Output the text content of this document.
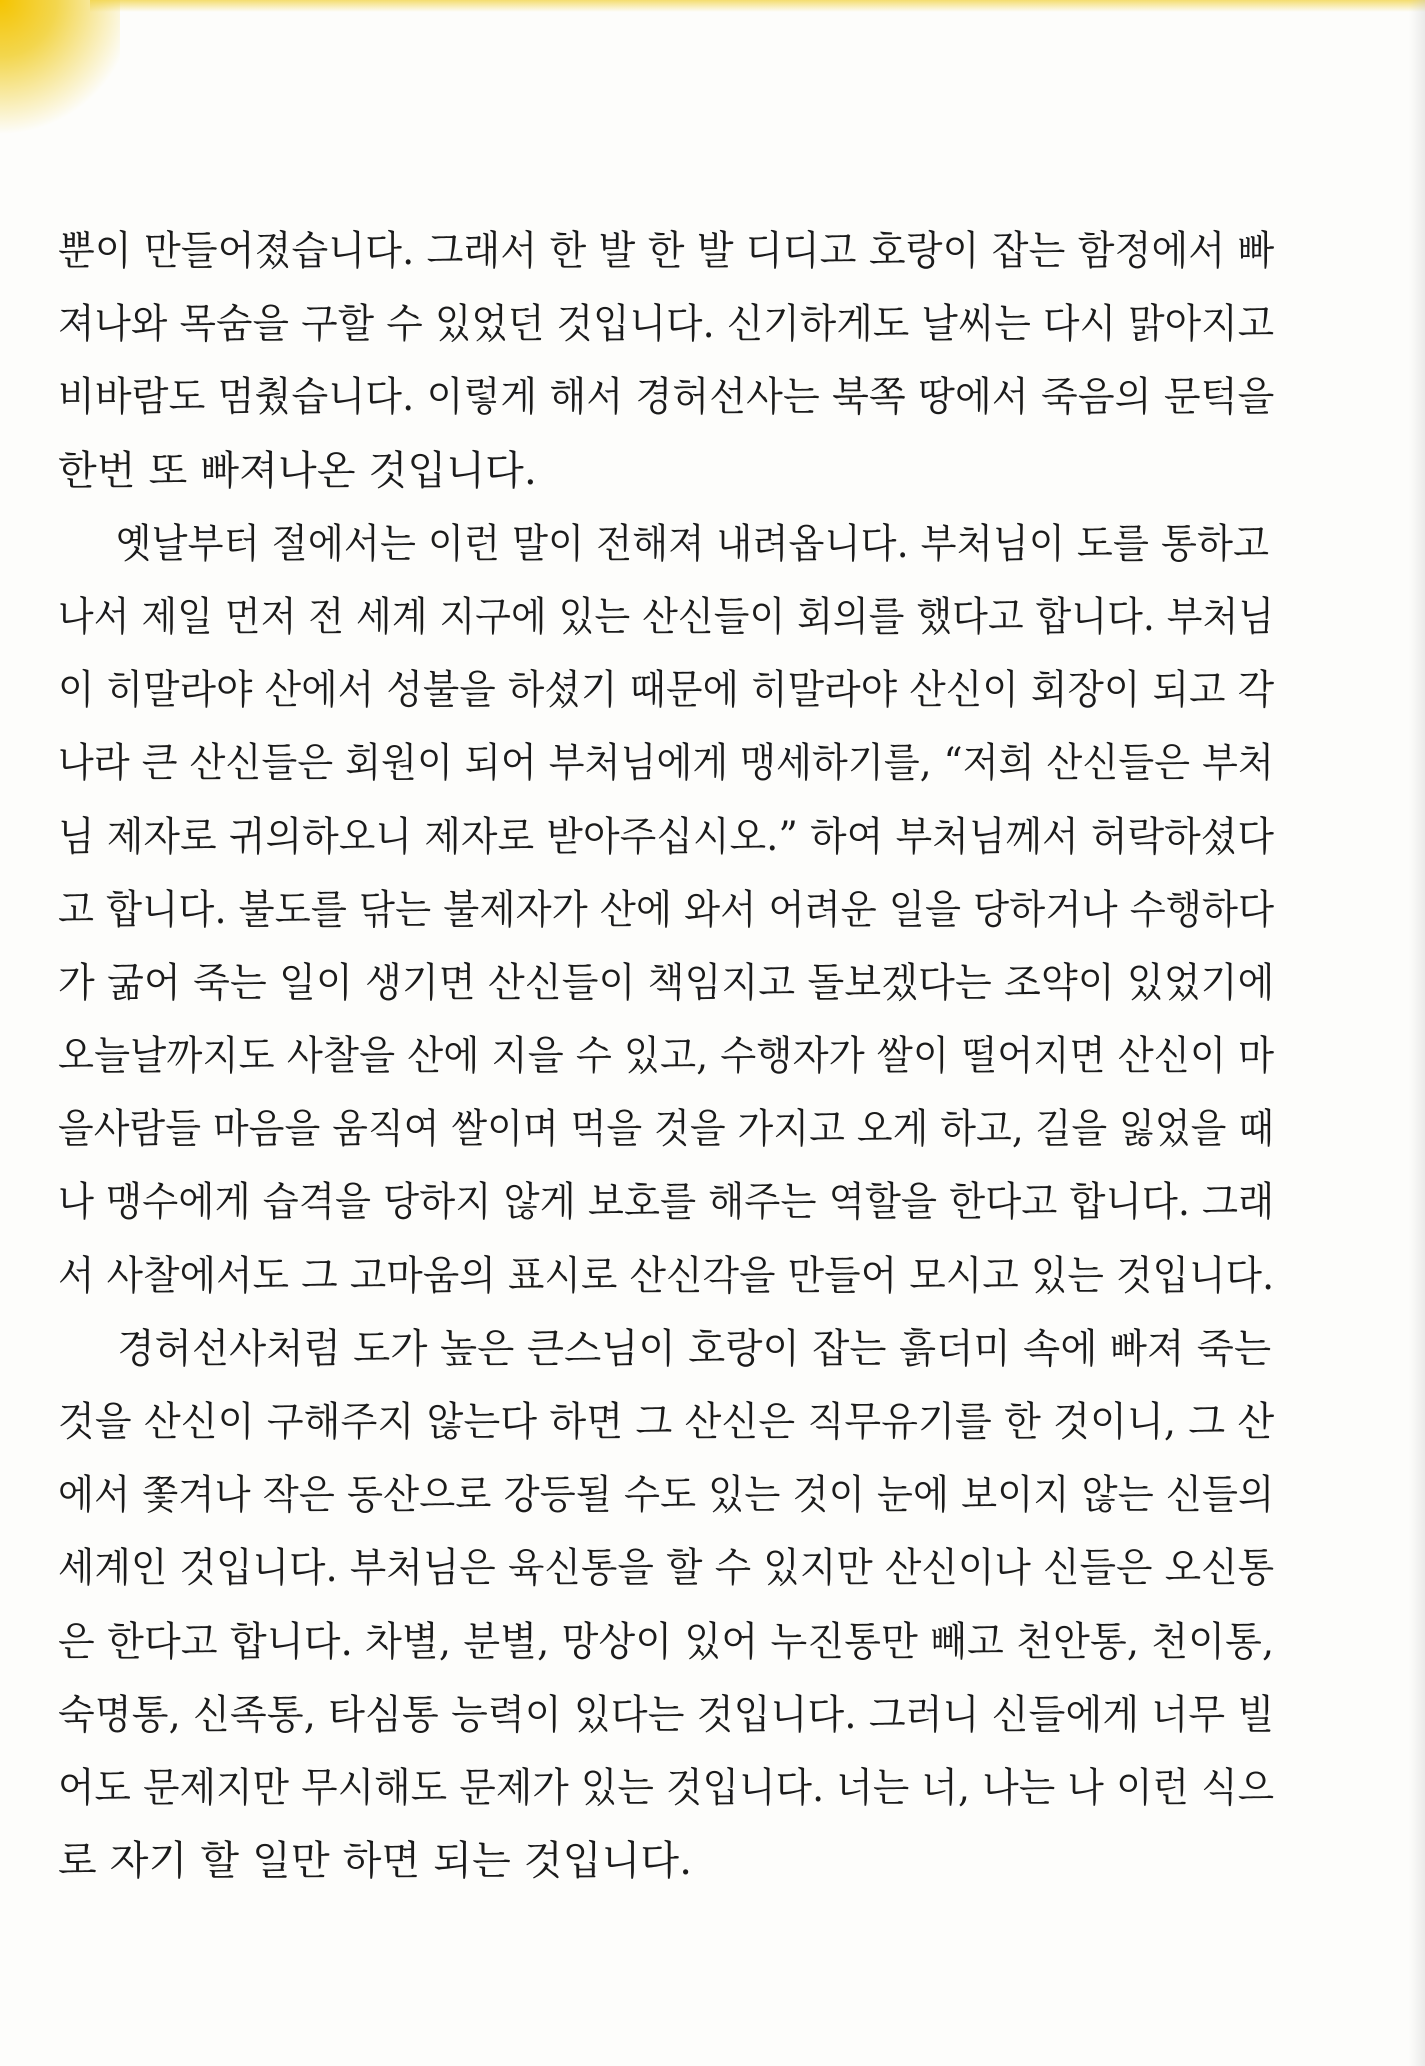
뿐이 만들어졌습니다. 그래서 한 발 한 발 디디고 호랑이 잡는 함정에서 빠
져나와 목숨을 구할 수 있었던 것입니다. 신기하게도 날씨는 다시 맑아지고
비바람도 멈췄습니다. 이렇게 해서 경허선사는 북쪽 땅에서 죽음의 문턱을
한번 또 빠져나온 것입니다.
옛날부터 절에서는 이런 말이 전해져 내려옵니다. 부처님이 도를 통하고
나서 제일 먼저 전 세계 지구에 있는 산신들이 회의를 했다고 합니다. 부처님
이 히말라야 산에서 성불을 하셨기 때문에 히말라야 산신이 회장이 되고 각
나라 큰 산신들은 회원이 되어 부처님에게 맹세하기를, “저희 산신들은 부처
님 제자로 귀의하오니 제자로 받아주십시오.” 하여 부처님께서 허락하셨다
고 합니다. 불도를 닦는 불제자가 산에 와서 어려운 일을 당하거나 수행하다
가 굶어 죽는 일이 생기면 산신들이 책임지고 돌보겠다는 조약이 있었기에
오늘날까지도 사찰을 산에 지을 수 있고, 수행자가 쌀이 떨어지면 산신이 마
을사람들 마음을 움직여 쌀이며 먹을 것을 가지고 오게 하고, 길을 잃었을 때
나 맹수에게 습격을 당하지 않게 보호를 해주는 역할을 한다고 합니다. 그래
서 사찰에서도 그 고마움의 표시로 산신각을 만들어 모시고 있는 것입니다.
경허선사처럼 도가 높은 큰스님이 호랑이 잡는 흙더미 속에 빠져 죽는
것을 산신이 구해주지 않는다 하면 그 산신은 직무유기를 한 것이니, 그 산
에서 쫓겨나 작은 동산으로 강등될 수도 있는 것이 눈에 보이지 않는 신들의
세계인 것입니다. 부처님은 육신통을 할 수 있지만 산신이나 신들은 오신통
은 한다고 합니다. 차별, 분별, 망상이 있어 누진통만 빼고 천안통, 천이통,
숙명통, 신족통, 타심통 능력이 있다는 것입니다. 그러니 신들에게 너무 빌
어도 문제지만 무시해도 문제가 있는 것입니다. 너는 너, 나는 나 이런 식으
로 자기 할 일만 하면 되는 것입니다.
